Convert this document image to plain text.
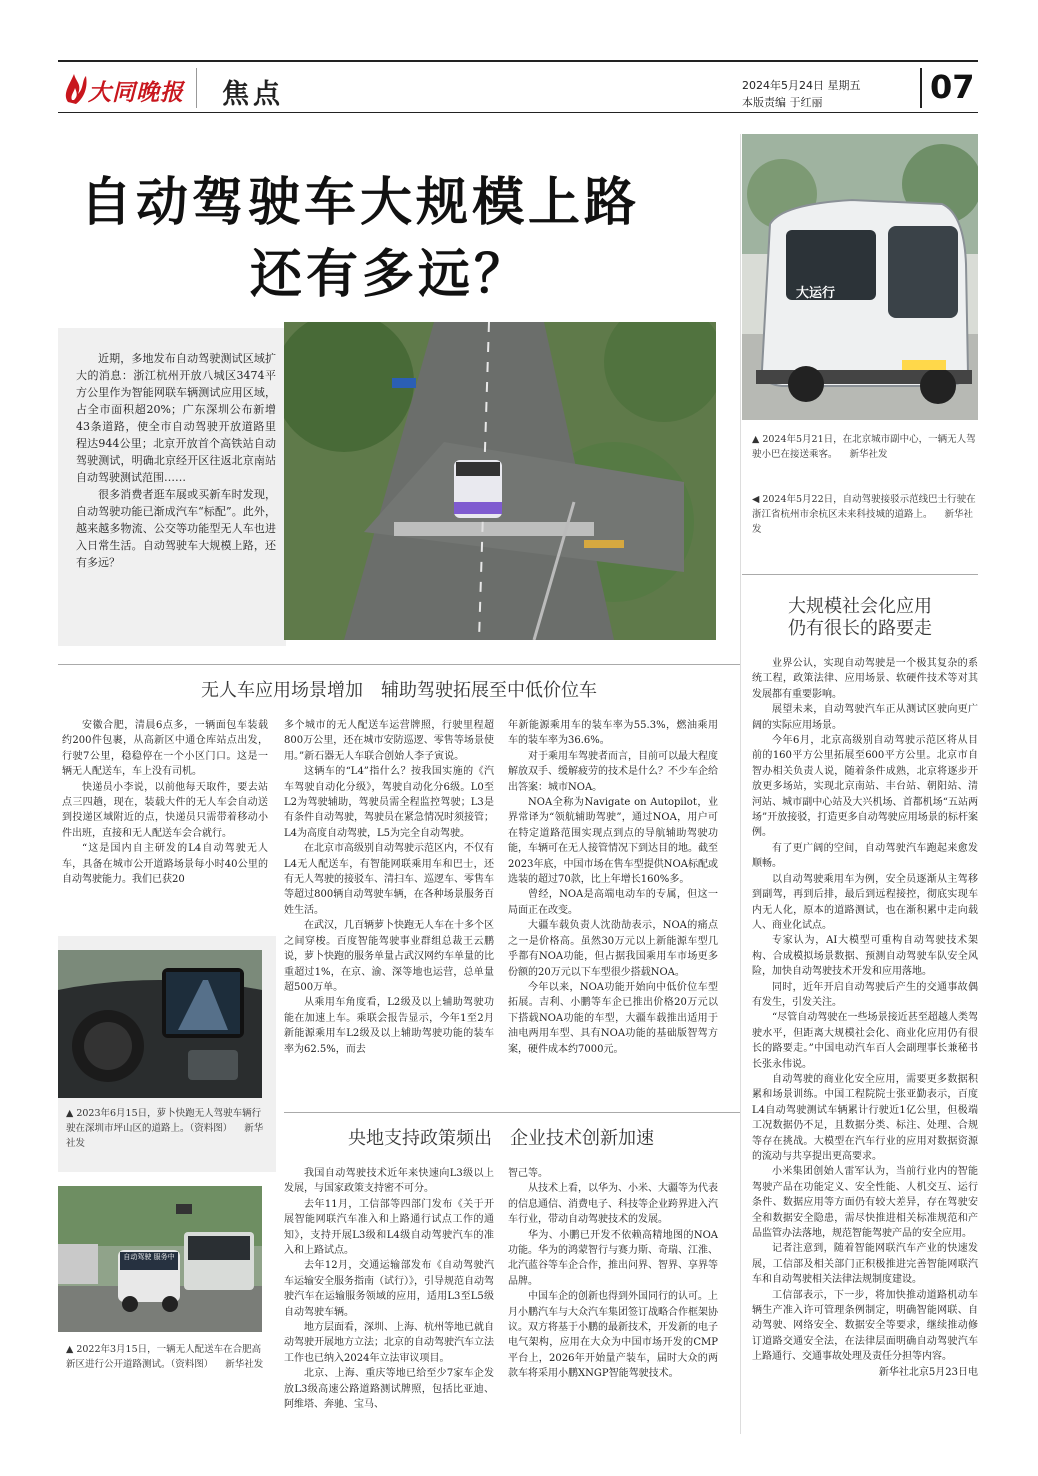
大同晚报 焦点	2024年5月24日 星期五
本版责编 于红丽	07
自动驾驶车大规模上路
还有多远？	大运行

▲ 2024年5月21日，在北京城市副中心，一辆无人驾驶小巴在接送乘客。 新华社发

◀ 2024年5月22日，自动驾驶接驳示范线巴士行驶在浙江省杭州市余杭区未来科技城的道路上。 新华社发

近期，多地发布自动驾驶测试区域扩大的消息：浙江杭州开放八城区3474平方公里作为智能网联车辆测试应用区域，占全市面积超20%；广东深圳公布新增43条道路，使全市自动驾驶开放道路里程达944公里；北京开放首个高铁站自动驾驶测试，明确北京经开区往返北京南站自动驾驶测试范围……

很多消费者逛车展或买新车时发现，自动驾驶功能已渐成汽车“标配”。此外，越来越多物流、公交等功能型无人车也进入日常生活。自动驾驶车大规模上路，还有多远？

无人车应用场景增加　辅助驾驶拓展至中低价位车

安徽合肥，清晨6点多，一辆面包车装载约200件包裹，从高新区中通仓库站点出发，行驶7公里，稳稳停在一个小区门口。这是一辆无人配送车，车上没有司机。

快递员小李说，以前他每天取件，要去站点三四趟，现在，装载大件的无人车会自动送到投递区域附近的点，快递员只需带着移动小件出班，直接和无人配送车会合就行。

“这是国内自主研发的L4自动驾驶无人车，具备在城市公开道路场景每小时40公里的自动驾驶能力。我们已获20

多个城市的无人配送车运营牌照，行驶里程超800万公里，还在城市安防巡逻、零售等场景使用。”新石器无人车联合创始人李子寅说。

这辆车的“L4”指什么？按我国实施的《汽车驾驶自动化分级》，驾驶自动化分6级。L0至L2为驾驶辅助，驾驶员需全程监控驾驶；L3是有条件自动驾驶，驾驶员在紧急情况时须接管；L4为高度自动驾驶，L5为完全自动驾驶。

在北京市高级别自动驾驶示范区内，不仅有L4无人配送车，有智能网联乘用车和巴士，还有无人驾驶的接驳车、清扫车、巡逻车、零售车等超过800辆自动驾驶车辆，在各种场景服务百姓生活。

在武汉，几百辆萝卜快跑无人车在十多个区之间穿梭。百度智能驾驶事业群组总裁王云鹏说，萝卜快跑的服务单量占武汉网约车单量的比重超过1%，在京、渝、深等地也运营，总单量超500万单。

从乘用车角度看，L2级及以上辅助驾驶功能在加速上车。乘联会报告显示，今年1至2月新能源乘用车L2级及以上辅助驾驶功能的装车率为62.5%，而去

年新能源乘用车的装车率为55.3%，燃油乘用车的装车率为36.6%。

对于乘用车驾驶者而言，目前可以最大程度解放双手、缓解疲劳的技术是什么？不少车企给出答案：城市NOA。

NOA全称为Navigate on Autopilot，业界常译为“领航辅助驾驶”，通过NOA，用户可在特定道路范围实现点到点的导航辅助驾驶功能，车辆可在无人接管情况下到达目的地。截至2023年底，中国市场在售车型提供NOA标配或选装的超过70款，比上年增长160%多。

曾经，NOA是高端电动车的专属，但这一局面正在改变。

大疆车载负责人沈劭劼表示，NOA的痛点之一是价格高。虽然30万元以上新能源车型几乎都有NOA功能，但占据我国乘用车市场更多份额的20万元以下车型很少搭载NOA。

今年以来，NOA功能开始向中低价位车型拓展。吉利、小鹏等车企已推出价格20万元以下搭载NOA功能的车型，大疆车载推出适用于油电两用车型、具有NOA功能的基础版智驾方案，硬件成本约7000元。

▲ 2023年6月15日，萝卜快跑无人驾驶车辆行驶在深圳市坪山区的道路上。（资料图） 新华社发

自动驾驶 服务中

▲ 2022年3月15日，一辆无人配送车在合肥高新区进行公开道路测试。（资料图） 新华社发

央地支持政策频出　企业技术创新加速

我国自动驾驶技术近年来快速向L3级以上发展，与国家政策支持密不可分。

去年11月，工信部等四部门发布《关于开展智能网联汽车准入和上路通行试点工作的通知》，支持开展L3级和L4级自动驾驶汽车的准入和上路试点。

去年12月，交通运输部发布《自动驾驶汽车运输安全服务指南（试行）》，引导规范自动驾驶汽车在运输服务领域的应用，适用L3至L5级自动驾驶车辆。

地方层面看，深圳、上海、杭州等地已就自动驾驶开展地方立法；北京的自动驾驶汽车立法工作也已纳入2024年立法审议项目。

北京、上海、重庆等地已给至少7家车企发放L3级高速公路道路测试牌照，包括比亚迪、阿维塔、奔驰、宝马、

智己等。

从技术上看，以华为、小米、大疆等为代表的信息通信、消费电子、科技等企业跨界进入汽车行业，带动自动驾驶技术的发展。

华为、小鹏已开发不依赖高精地图的NOA功能。华为的鸿蒙智行与赛力斯、奇瑞、江淮、北汽蓝谷等车企合作，推出问界、智界、享界等品牌。

中国车企的创新也得到外国同行的认可。上月小鹏汽车与大众汽车集团签订战略合作框架协议。双方将基于小鹏的最新技术，开发新的电子电气架构，应用在大众为中国市场开发的CMP平台上，2026年开始量产装车，届时大众的两款车将采用小鹏XNGP智能驾驶技术。

大规模社会化应用
仍有很长的路要走

业界公认，实现自动驾驶是一个极其复杂的系统工程，政策法律、应用场景、软硬件技术等对其发展都有重要影响。

展望未来，自动驾驶汽车正从测试区驶向更广阔的实际应用场景。

今年6月，北京高级别自动驾驶示范区将从目前的160平方公里拓展至600平方公里。北京市自智办相关负责人说，随着条件成熟，北京将逐步开放更多场站，实现北京南站、丰台站、朝阳站、清河站、城市副中心站及大兴机场、首都机场“五站两场”开放接驳，打造更多自动驾驶应用场景的标杆案例。

有了更广阔的空间，自动驾驶汽车跑起来愈发顺畅。

以自动驾驶乘用车为例，安全员逐渐从主驾移到副驾，再到后排，最后到远程接控，彻底实现车内无人化，原本的道路测试，也在渐积累中走向载人、商业化试点。

专家认为，AI大模型可重构自动驾驶技术架构、合成模拟场景数据、预测自动驾驶车队安全风险，加快自动驾驶技术开发和应用落地。

同时，近年开启自动驾驶后产生的交通事故偶有发生，引发关注。

“尽管自动驾驶在一些场景接近甚至超越人类驾驶水平，但距离大规模社会化、商业化应用仍有很长的路要走。”中国电动汽车百人会副理事长兼秘书长张永伟说。

自动驾驶的商业化安全应用，需要更多数据积累和场景训练。中国工程院院士张亚勤表示，百度L4自动驾驶测试车辆累计行驶近1亿公里，但极端工况数据仍不足，且数据分类、标注、处理、合规等存在挑战。大模型在汽车行业的应用对数据资源的流动与共享提出更高要求。

小米集团创始人雷军认为，当前行业内的智能驾驶产品在功能定义、安全性能、人机交互、运行条件、数据应用等方面仍有较大差异，存在驾驶安全和数据安全隐患，需尽快推进相关标准规范和产品监管办法落地，规范智能驾驶产品的安全应用。

记者注意到，随着智能网联汽车产业的快速发展，工信部及相关部门正积极推进完善智能网联汽车和自动驾驶相关法律法规制度建设。

工信部表示，下一步，将加快推动道路机动车辆生产准入许可管理条例制定，明确智能网联、自动驾驶、网络安全、数据安全等要求，继续推动修订道路交通安全法，在法律层面明确自动驾驶汽车上路通行、交通事故处理及责任分担等内容。

新华社北京5月23日电
